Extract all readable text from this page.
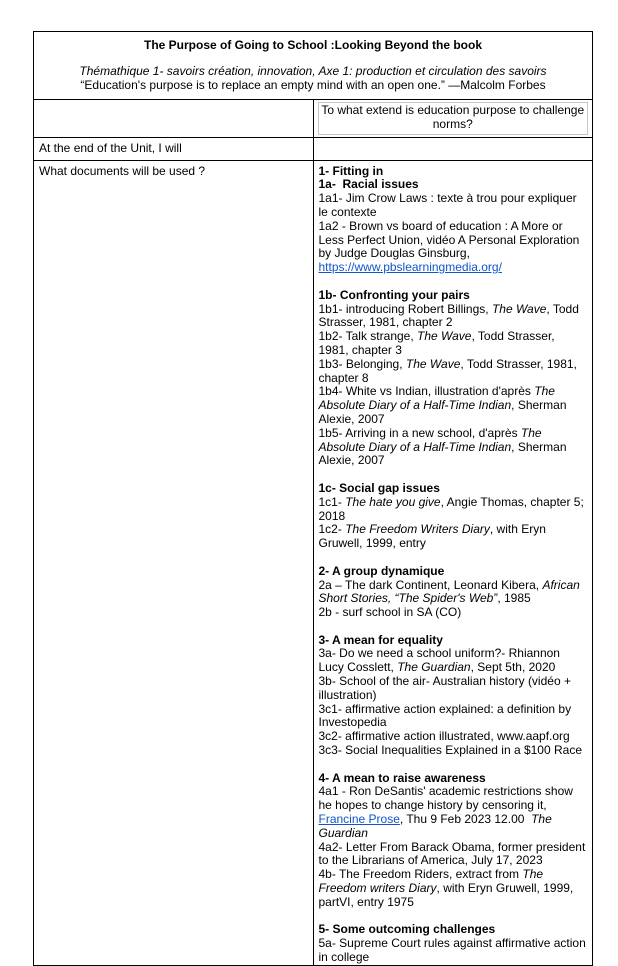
The Purpose of Going to School :Looking Beyond the book
Thémathique 1- savoirs création, innovation, Axe 1: production et circulation des savoirs
“Education's purpose is to replace an empty mind with an open one.” —Malcolm Forbes	

	To what extend is education purpose to challenge norms?

At the end of the Unit, I will	
What documents will be used ?	1- Fitting in
1a-  Racial issues
1a1- Jim Crow Laws : texte à trou pour expliquer le contexte
1a2 - Brown vs board of education : A More or Less Perfect Union, vidéo A Personal Exploration by Judge Douglas Ginsburg, https://www.pbslearningmedia.org/
1b- Confronting your pairs
1b1- introducing Robert Billings, The Wave, Todd Strasser, 1981, chapter 2
1b2- Talk strange, The Wave, Todd Strasser, 1981, chapter 3
1b3- Belonging, The Wave, Todd Strasser, 1981, chapter 8
1b4- White vs Indian, illustration d'après The Absolute Diary of a Half-Time Indian, Sherman Alexie, 2007
1b5- Arriving in a new school, d'après The Absolute Diary of a Half-Time Indian, Sherman Alexie, 2007
1c- Social gap issues
1c1- The hate you give, Angie Thomas, chapter 5; 2018
1c2- The Freedom Writers Diary, with Eryn Gruwell, 1999, entry
2- A group dynamique
2a – The dark Continent, Leonard Kibera, African Short Stories, “The Spider's Web”, 1985
2b - surf school in SA (CO)
3- A mean for equality
3a- Do we need a school uniform?- Rhiannon Lucy Cosslett, The Guardian, Sept 5th, 2020
3b- School of the air- Australian history (vidéo + illustration)
3c1- affirmative action explained: a definition by Investopedia
3c2- affirmative action illustrated, www.aapf.org
3c3- Social Inequalities Explained in a $100 Race
4- A mean to raise awareness
4a1 - Ron DeSantis' academic restrictions show he hopes to change history by censoring it, Francine Prose, Thu 9 Feb 2023 12.00  The Guardian
4a2- Letter From Barack Obama, former president to the Librarians of America, July 17, 2023
4b- The Freedom Riders, extract from The Freedom writers Diary, with Eryn Gruwell, 1999, partVI, entry 1975
5- Some outcoming challenges
5a- Supreme Court rules against affirmative action in college
